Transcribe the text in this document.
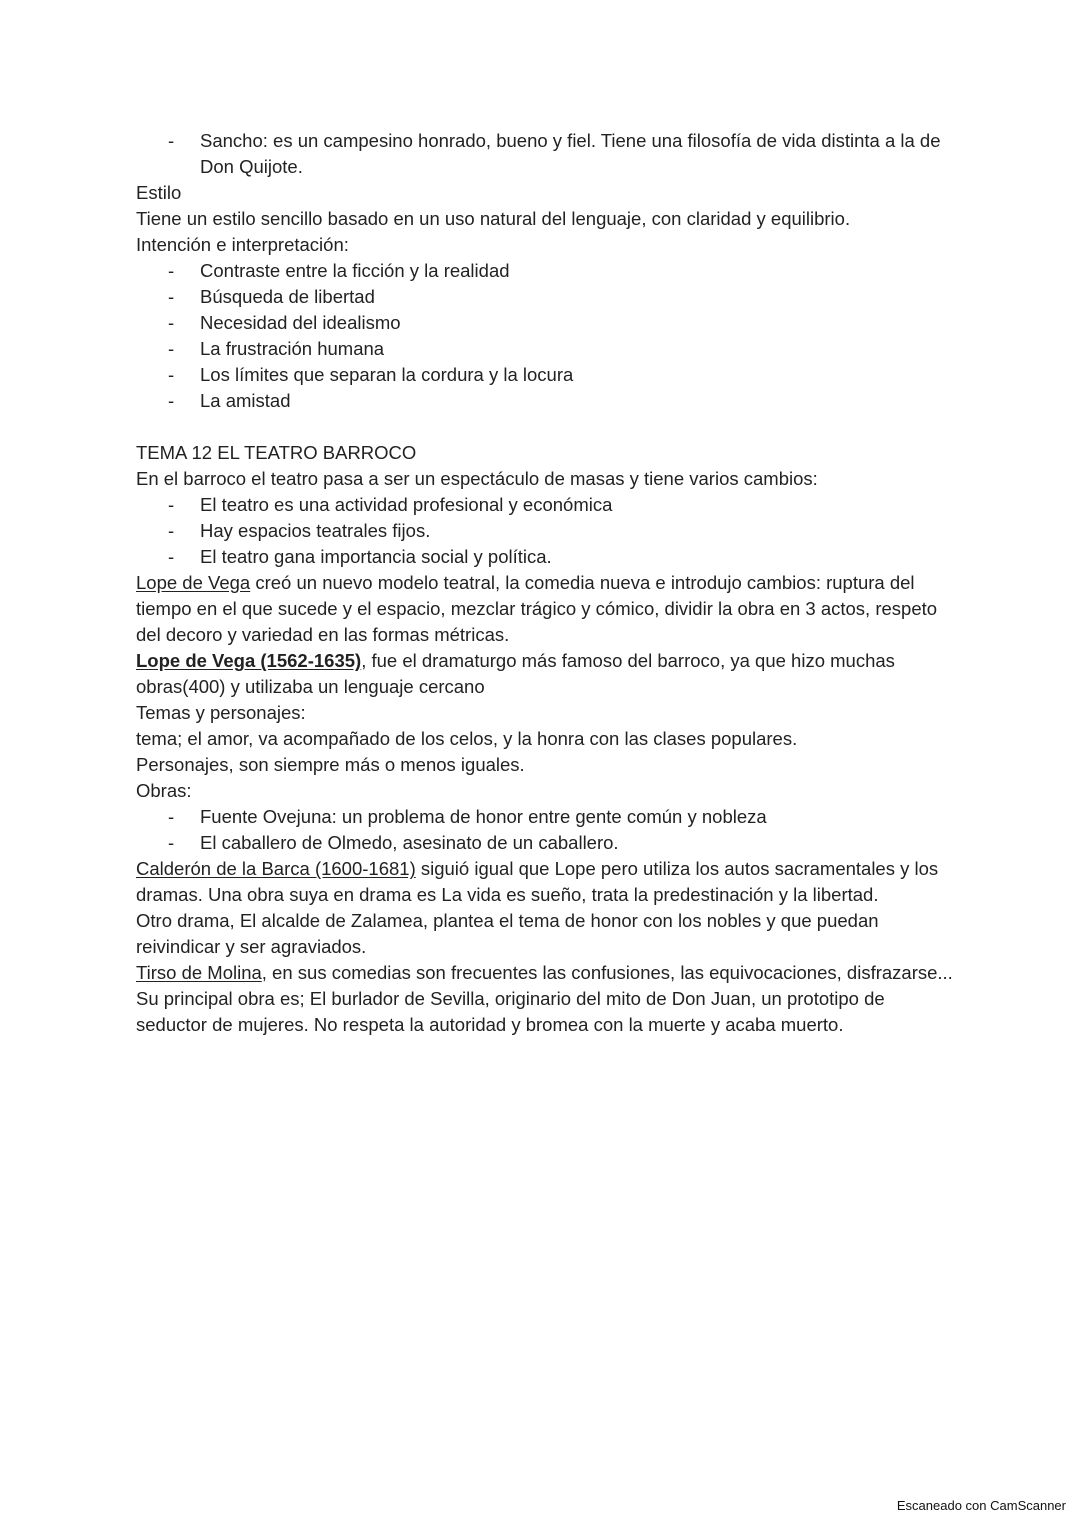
- Sancho: es un campesino honrado, bueno y fiel. Tiene una filosofía de vida distinta a la de Don Quijote.

Estilo

Tiene un estilo sencillo basado en un uso natural del lenguaje, con claridad y equilibrio.

Intención e interpretación:

- Contraste entre la ficción y la realidad

- Búsqueda de libertad

- Necesidad del idealismo

- La frustración humana

- Los límites que separan la cordura y la locura

- La amistad

TEMA 12 EL TEATRO BARROCO

En el barroco el teatro pasa a ser un espectáculo de masas y tiene varios cambios:

- El teatro es una actividad profesional y económica

- Hay espacios teatrales fijos.

- El teatro gana importancia social y política.

Lope de Vega creó un nuevo modelo teatral, la comedia nueva e introdujo cambios: ruptura del tiempo en el que sucede y el espacio, mezclar trágico y cómico, dividir la obra en 3 actos, respeto del decoro y variedad en las formas métricas.

Lope de Vega (1562-1635), fue el dramaturgo más famoso del barroco, ya que hizo muchas obras(400) y utilizaba un lenguaje cercano

Temas y personajes:

tema; el amor, va acompañado de los celos, y la honra con las clases populares.

Personajes, son siempre más o menos iguales.

Obras:

- Fuente Ovejuna: un problema de honor entre gente común y nobleza

- El caballero de Olmedo, asesinato de un caballero.

Calderón de la Barca (1600-1681) siguió igual que Lope pero utiliza los autos sacramentales y los dramas. Una obra suya en drama es La vida es sueño, trata la predestinación y la libertad.

Otro drama, El alcalde de Zalamea, plantea el tema de honor con los nobles y que puedan reivindicar y ser agraviados.

Tirso de Molina, en sus comedias son frecuentes las confusiones, las equivocaciones, disfrazarse...

Su principal obra es; El burlador de Sevilla, originario del mito de Don Juan, un prototipo de seductor de mujeres. No respeta la autoridad y bromea con la muerte y acaba muerto.

Escaneado con CamScanner
